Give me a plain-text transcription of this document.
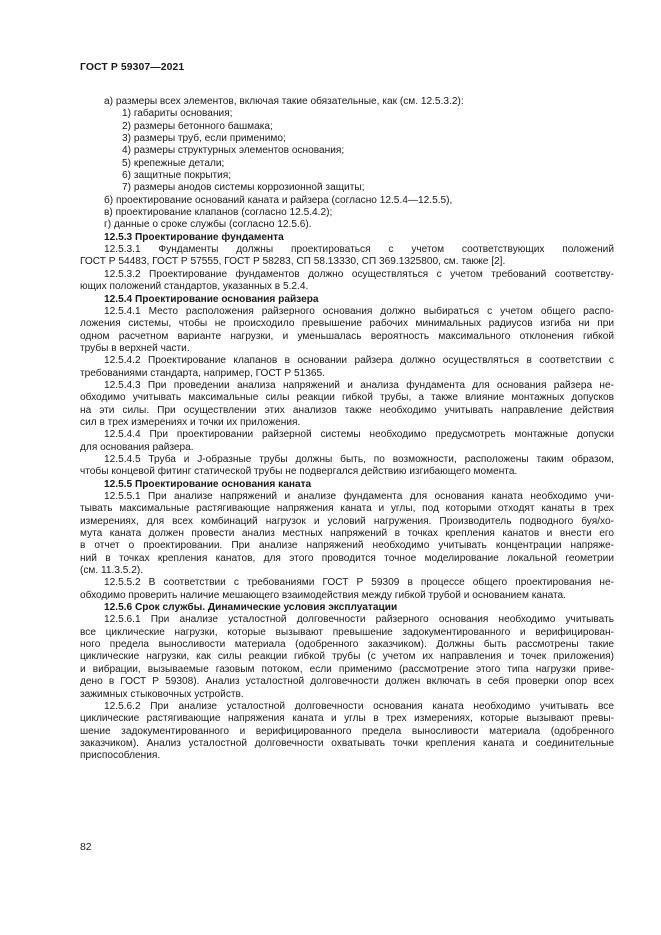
ГОСТ Р 59307—2021
а) размеры всех элементов, включая такие обязательные, как (см. 12.5.3.2):
1) габариты основания;
2) размеры бетонного башмака;
3) размеры труб, если применимо;
4) размеры структурных элементов основания;
5) крепежные детали;
6) защитные покрытия;
7) размеры анодов системы коррозионной защиты;
б) проектирование оснований каната и райзера (согласно 12.5.4—12.5.5),
в) проектирование клапанов (согласно 12.5.4.2);
г) данные о сроке службы (согласно 12.5.6).
12.5.3 Проектирование фундамента
12.5.3.1 Фундаменты должны проектироваться с учетом соответствующих положений
ГОСТ Р 54483, ГОСТ Р 57555, ГОСТ Р 58283, СП 58.13330, СП 369.1325800, см. также [2].
12.5.3.2 Проектирование фундаментов должно осуществляться с учетом требований соответству-
ющих положений стандартов, указанных в 5.2.4.
12.5.4 Проектирование основания райзера
12.5.4.1 Место расположения райзерного основания должно выбираться с учетом общего распо-
ложения системы, чтобы не происходило превышение рабочих минимальных радиусов изгиба ни при
одном расчетном варианте нагрузки, и уменьшалась вероятность максимального отклонения гибкой
трубы в верхней части.
12.5.4.2 Проектирование клапанов в основании райзера должно осуществляться в соответствии с
требованиями стандарта, например, ГОСТ Р 51365.
12.5.4.3 При проведении анализа напряжений и анализа фундамента для основания райзера не-
обходимо учитывать максимальные силы реакции гибкой трубы, а также влияние монтажных допусков
на эти силы. При осуществлении этих анализов также необходимо учитывать направление действия
сил в трех измерениях и точки их приложения.
12.5.4.4 При проектировании райзерной системы необходимо предусмотреть монтажные допуски
для основания райзера.
12.5.4.5 Труба и J-образные трубы должны быть, по возможности, расположены таким образом,
чтобы концевой фитинг статической трубы не подвергался действию изгибающего момента.
12.5.5 Проектирование основания каната
12.5.5.1 При анализе напряжений и анализе фундамента для основания каната необходимо учи-
тывать максимальные растягивающие напряжения каната и углы, под которыми отходят канаты в трех
измерениях, для всех комбинаций нагрузок и условий нагружения. Производитель подводного буя/хо-
мута каната должен провести анализ местных напряжений в точках крепления канатов и внести его
в отчет о проектировании. При анализе напряжений необходимо учитывать концентрации напряже-
ний в точках крепления канатов, для этого проводится точное моделирование локальной геометрии
(см. 11.3.5.2).
12.5.5.2 В соответствии с требованиями ГОСТ Р 59309 в процессе общего проектирования не-
обходимо проверить наличие мешающего взаимодействия между гибкой трубой и основанием каната.
12.5.6 Срок службы. Динамические условия эксплуатации
12.5.6.1 При анализе усталостной долговечности райзерного основания необходимо учитывать
все циклические нагрузки, которые вызывают превышение задокументированного и верифицирован-
ного предела выносливости материала (одобренного заказчиком). Должны быть рассмотрены такие
циклические нагрузки, как силы реакции гибкой трубы (с учетом их направления и точек приложения)
и вибрации, вызываемые газовым потоком, если применимо (рассмотрение этого типа нагрузки приве-
дено в ГОСТ Р 59308). Анализ усталостной долговечности должен включать в себя проверки опор всех
зажимных стыковочных устройств.
12.5.6.2 При анализе усталостной долговечности основания каната необходимо учитывать все
циклические растягивающие напряжения каната и углы в трех измерениях, которые вызывают превы-
шение задокументированного и верифицированного предела выносливости материала (одобренного
заказчиком). Анализ усталостной долговечности охватывать точки крепления каната и соединительные
приспособления.
82
